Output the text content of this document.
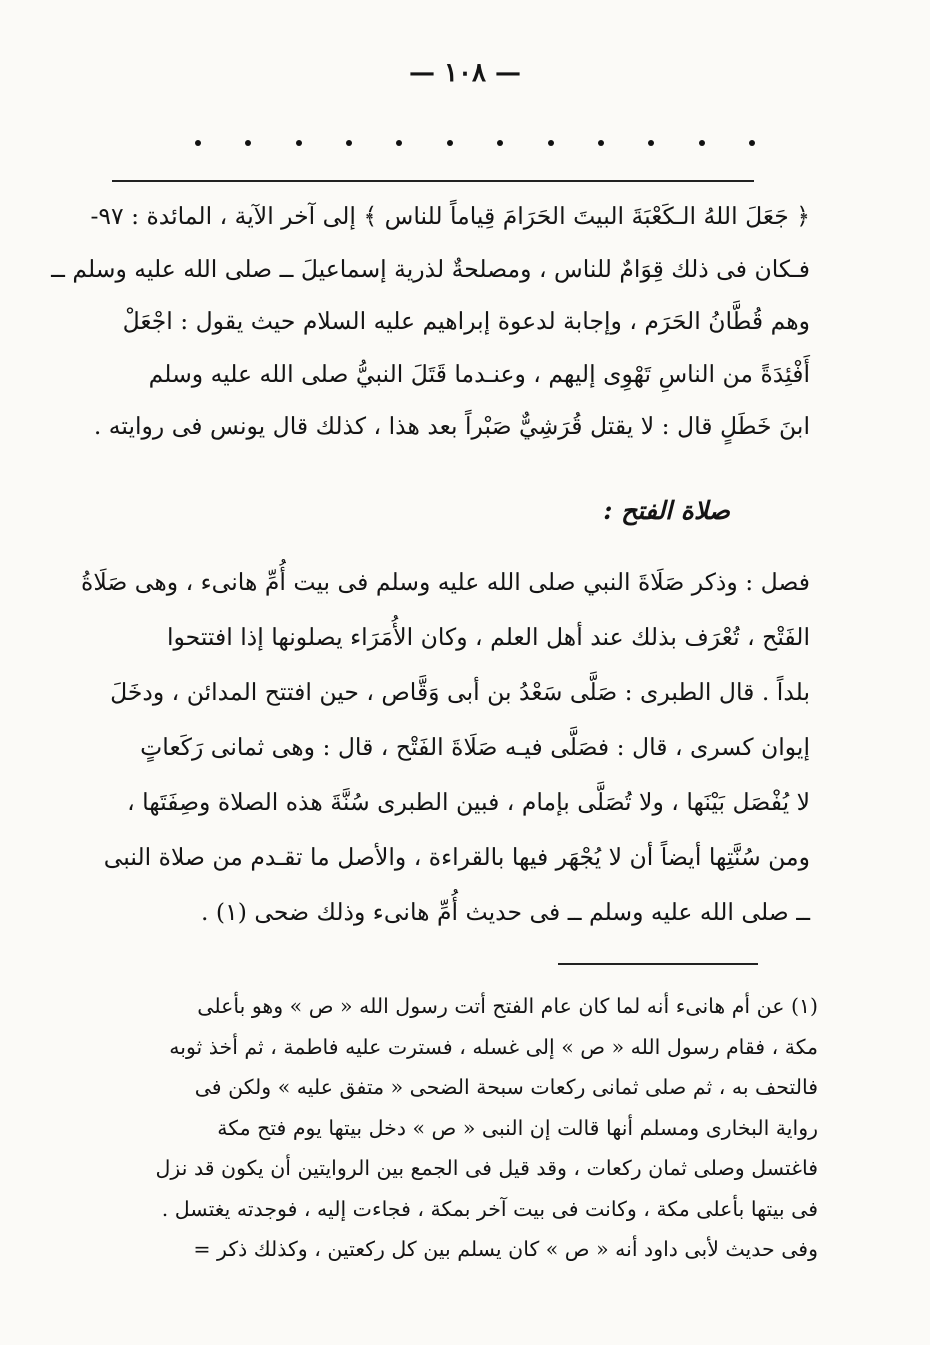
— ١٠٨ —
﴿ جَعَلَ اللهُ الـكَعْبَةَ البيتَ الحَرَامَ قِياماً للناس ﴾ إلى آخر الآية ، المائدة : ٩٧-
فـكان فى ذلك قِوَامٌ للناس ، ومصلحةٌ لذرية إسماعيلَ ــ صلى الله عليه وسلم ــ
وهم قُطَّانُ الحَرَم ، وإجابة لدعوة إبراهيم عليه السلام حيث يقول : اجْعَلْ
أَفْئِدَةً من الناسِ تَهْوِى إليهم ، وعنـدما قَتَلَ النبيُّ صلى الله عليه وسلم
ابنَ خَطَلٍ قال : لا يقتل قُرَشِيٌّ صَبْراً بعد هذا ، كذلك قال يونس فى روايته .
صلاة الفتح :
فصل : وذكر صَلَاةَ النبي صلى الله عليه وسلم فى بيت أُمِّ هانىء ، وهى صَلَاةُ
الفَتْح ، تُعْرَف بذلك عند أهل العلم ، وكان الأُمَرَاء يصلونها إذا افتتحوا
بلداً . قال الطبرى : صَلَّى سَعْدُ بن أبى وَقَّاص ، حين افتتح المدائن ، ودخَلَ
إيوان كسرى ، قال : فصَلَّى فيـه صَلَاةَ الفَتْح ، قال : وهى ثمانى رَكَعاتٍ
لا يُفْصَل بَيْنَها ، ولا تُصَلَّى بإمام ، فبين الطبرى سُنَّةَ هذه الصلاة وصِفَتَها ،
ومن سُنَّتِها أيضاً أن لا يُجْهَر فيها بالقراءة ، والأصل ما تقـدم من صلاة النبى
ــ صلى الله عليه وسلم ــ فى حديث أُمِّ هانىء وذلك ضحى (١) .
(١) عن أم هانىء أنه لما كان عام الفتح أتت رسول الله « ص » وهو بأعلى
مكة ، فقام رسول الله « ص » إلى غسله ، فسترت عليه فاطمة ، ثم أخذ ثوبه
فالتحف به ، ثم صلى ثمانى ركعات سبحة الضحى « متفق عليه » ولكن فى
رواية البخارى ومسلم أنها قالت إن النبى « ص » دخل بيتها يوم فتح مكة
فاغتسل وصلى ثمان ركعات ، وقد قيل فى الجمع بين الروايتين أن يكون قد نزل
فى بيتها بأعلى مكة ، وكانت فى بيت آخر بمكة ، فجاءت إليه ، فوجدته يغتسل .
وفى حديث لأبى داود أنه « ص » كان يسلم بين كل ركعتين ، وكذلك ذكر =
